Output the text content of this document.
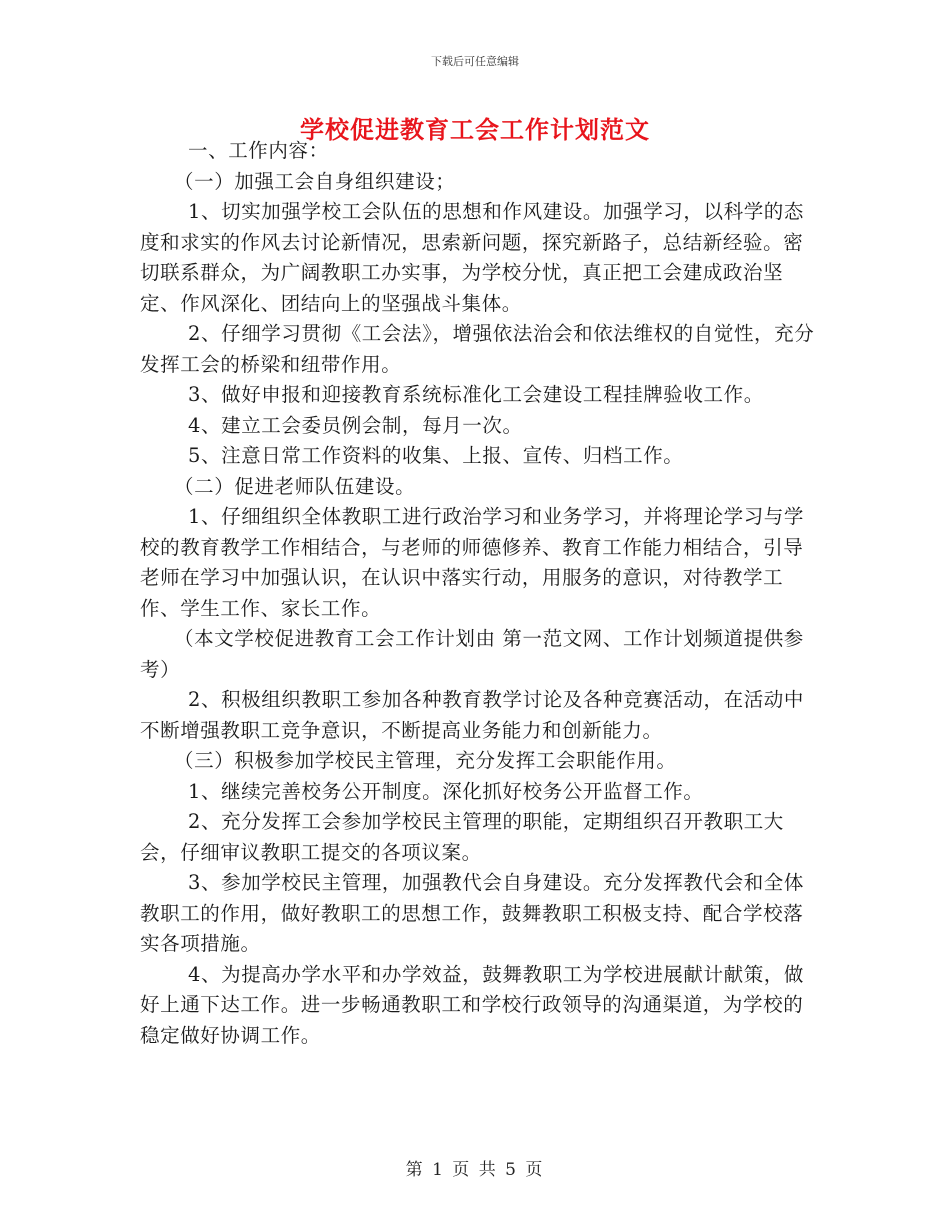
下载后可任意编辑
学校促进教育工会工作计划范文

一、工作内容：

（一）加强工会自身组织建设；

1、切实加强学校工会队伍的思想和作风建设。加强学习，以科学的态度和求实的作风去讨论新情况，思索新问题，探究新路子，总结新经验。密切联系群众，为广阔教职工办实事，为学校分忧，真正把工会建成政治坚定、作风深化、团结向上的坚强战斗集体。

2、仔细学习贯彻《工会法》，增强依法治会和依法维权的自觉性，充分发挥工会的桥梁和纽带作用。

3、做好申报和迎接教育系统标准化工会建设工程挂牌验收工作。

4、建立工会委员例会制，每月一次。

5、注意日常工作资料的收集、上报、宣传、归档工作。

（二）促进老师队伍建设。

1、仔细组织全体教职工进行政治学习和业务学习，并将理论学习与学校的教育教学工作相结合，与老师的师德修养、教育工作能力相结合，引导老师在学习中加强认识，在认识中落实行动，用服务的意识，对待教学工作、学生工作、家长工作。

（本文学校促进教育工会工作计划由 第一范文网、工作计划频道提供参考）

2、积极组织教职工参加各种教育教学讨论及各种竞赛活动，在活动中不断增强教职工竞争意识，不断提高业务能力和创新能力。

（三）积极参加学校民主管理，充分发挥工会职能作用。

1、继续完善校务公开制度。深化抓好校务公开监督工作。

2、充分发挥工会参加学校民主管理的职能，定期组织召开教职工大会，仔细审议教职工提交的各项议案。

3、参加学校民主管理，加强教代会自身建设。充分发挥教代会和全体教职工的作用，做好教职工的思想工作，鼓舞教职工积极支持、配合学校落实各项措施。

4、为提高办学水平和办学效益，鼓舞教职工为学校进展献计献策，做好上通下达工作。进一步畅通教职工和学校行政领导的沟通渠道，为学校的稳定做好协调工作。

第 1 页 共 5 页
